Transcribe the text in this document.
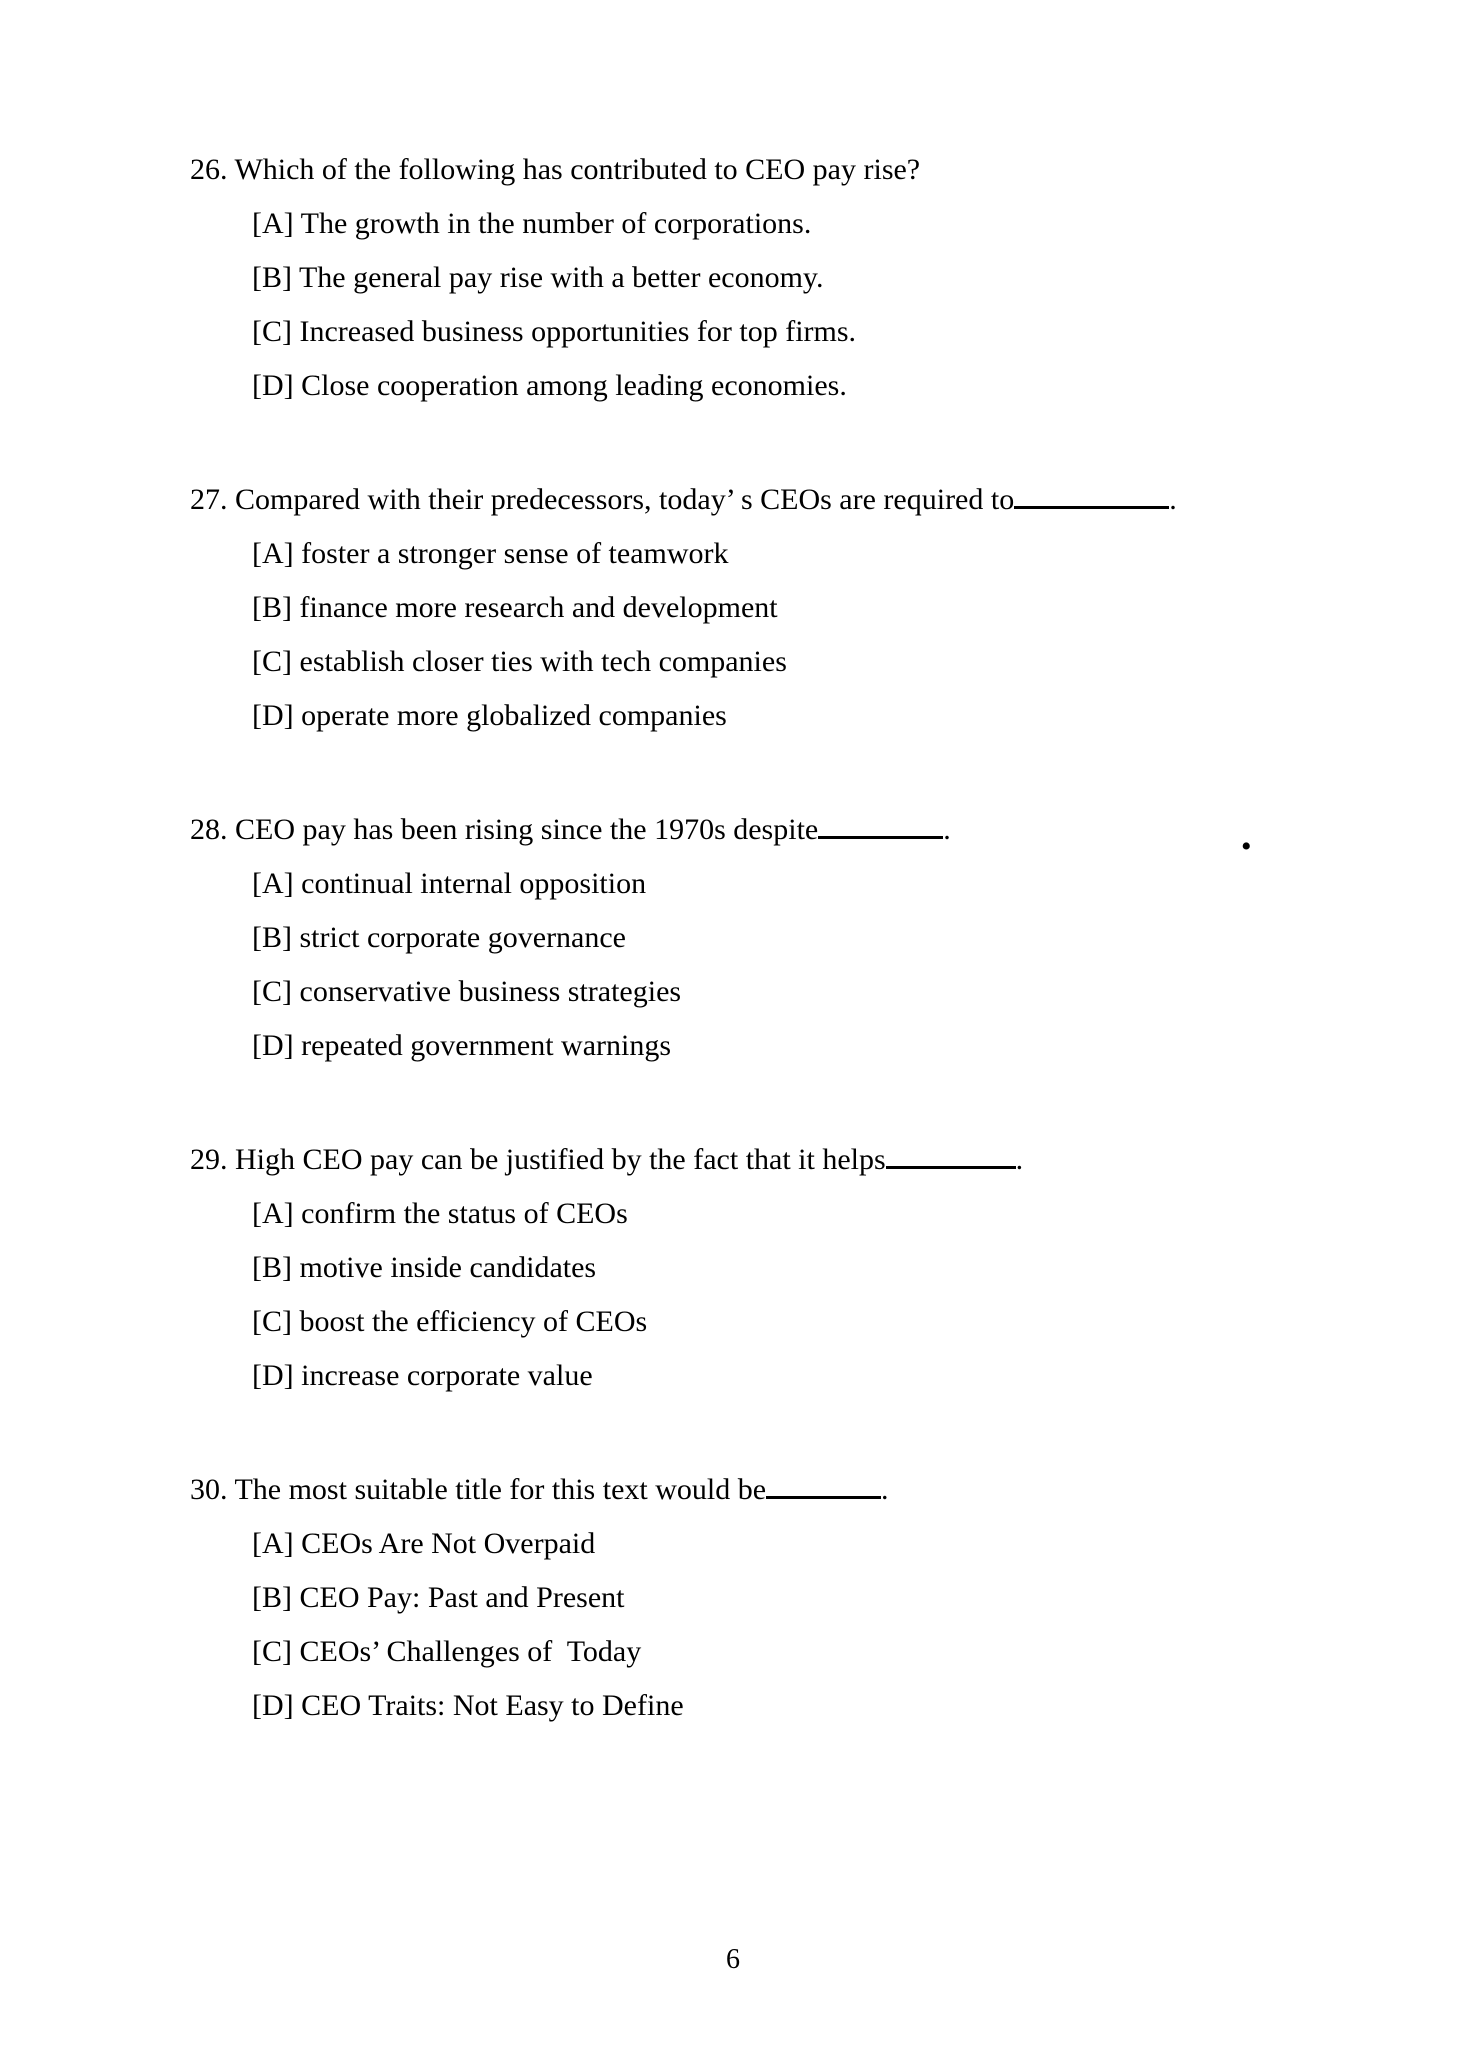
26. Which of the following has contributed to CEO pay rise?
[A] The growth in the number of corporations.
[B] The general pay rise with a better economy.
[C] Increased business opportunities for top firms.
[D] Close cooperation among leading economies.
27. Compared with their predecessors, today’ s CEOs are required to	.
[A] foster a stronger sense of teamwork
[B] finance more research and development
[C] establish closer ties with tech companies
[D] operate more globalized companies
28. CEO pay has been rising since the 1970s despite	.
[A] continual internal opposition
[B] strict corporate governance
[C] conservative business strategies
[D] repeated government warnings
29. High CEO pay can be justified by the fact that it helps	.
[A] confirm the status of CEOs
[B] motive inside candidates
[C] boost the efficiency of CEOs
[D] increase corporate value
30. The most suitable title for this text would be	.
[A] CEOs Are Not Overpaid
[B] CEO Pay: Past and Present
[C] CEOs’ Challenges of  Today
[D] CEO Traits: Not Easy to Define
•
6
